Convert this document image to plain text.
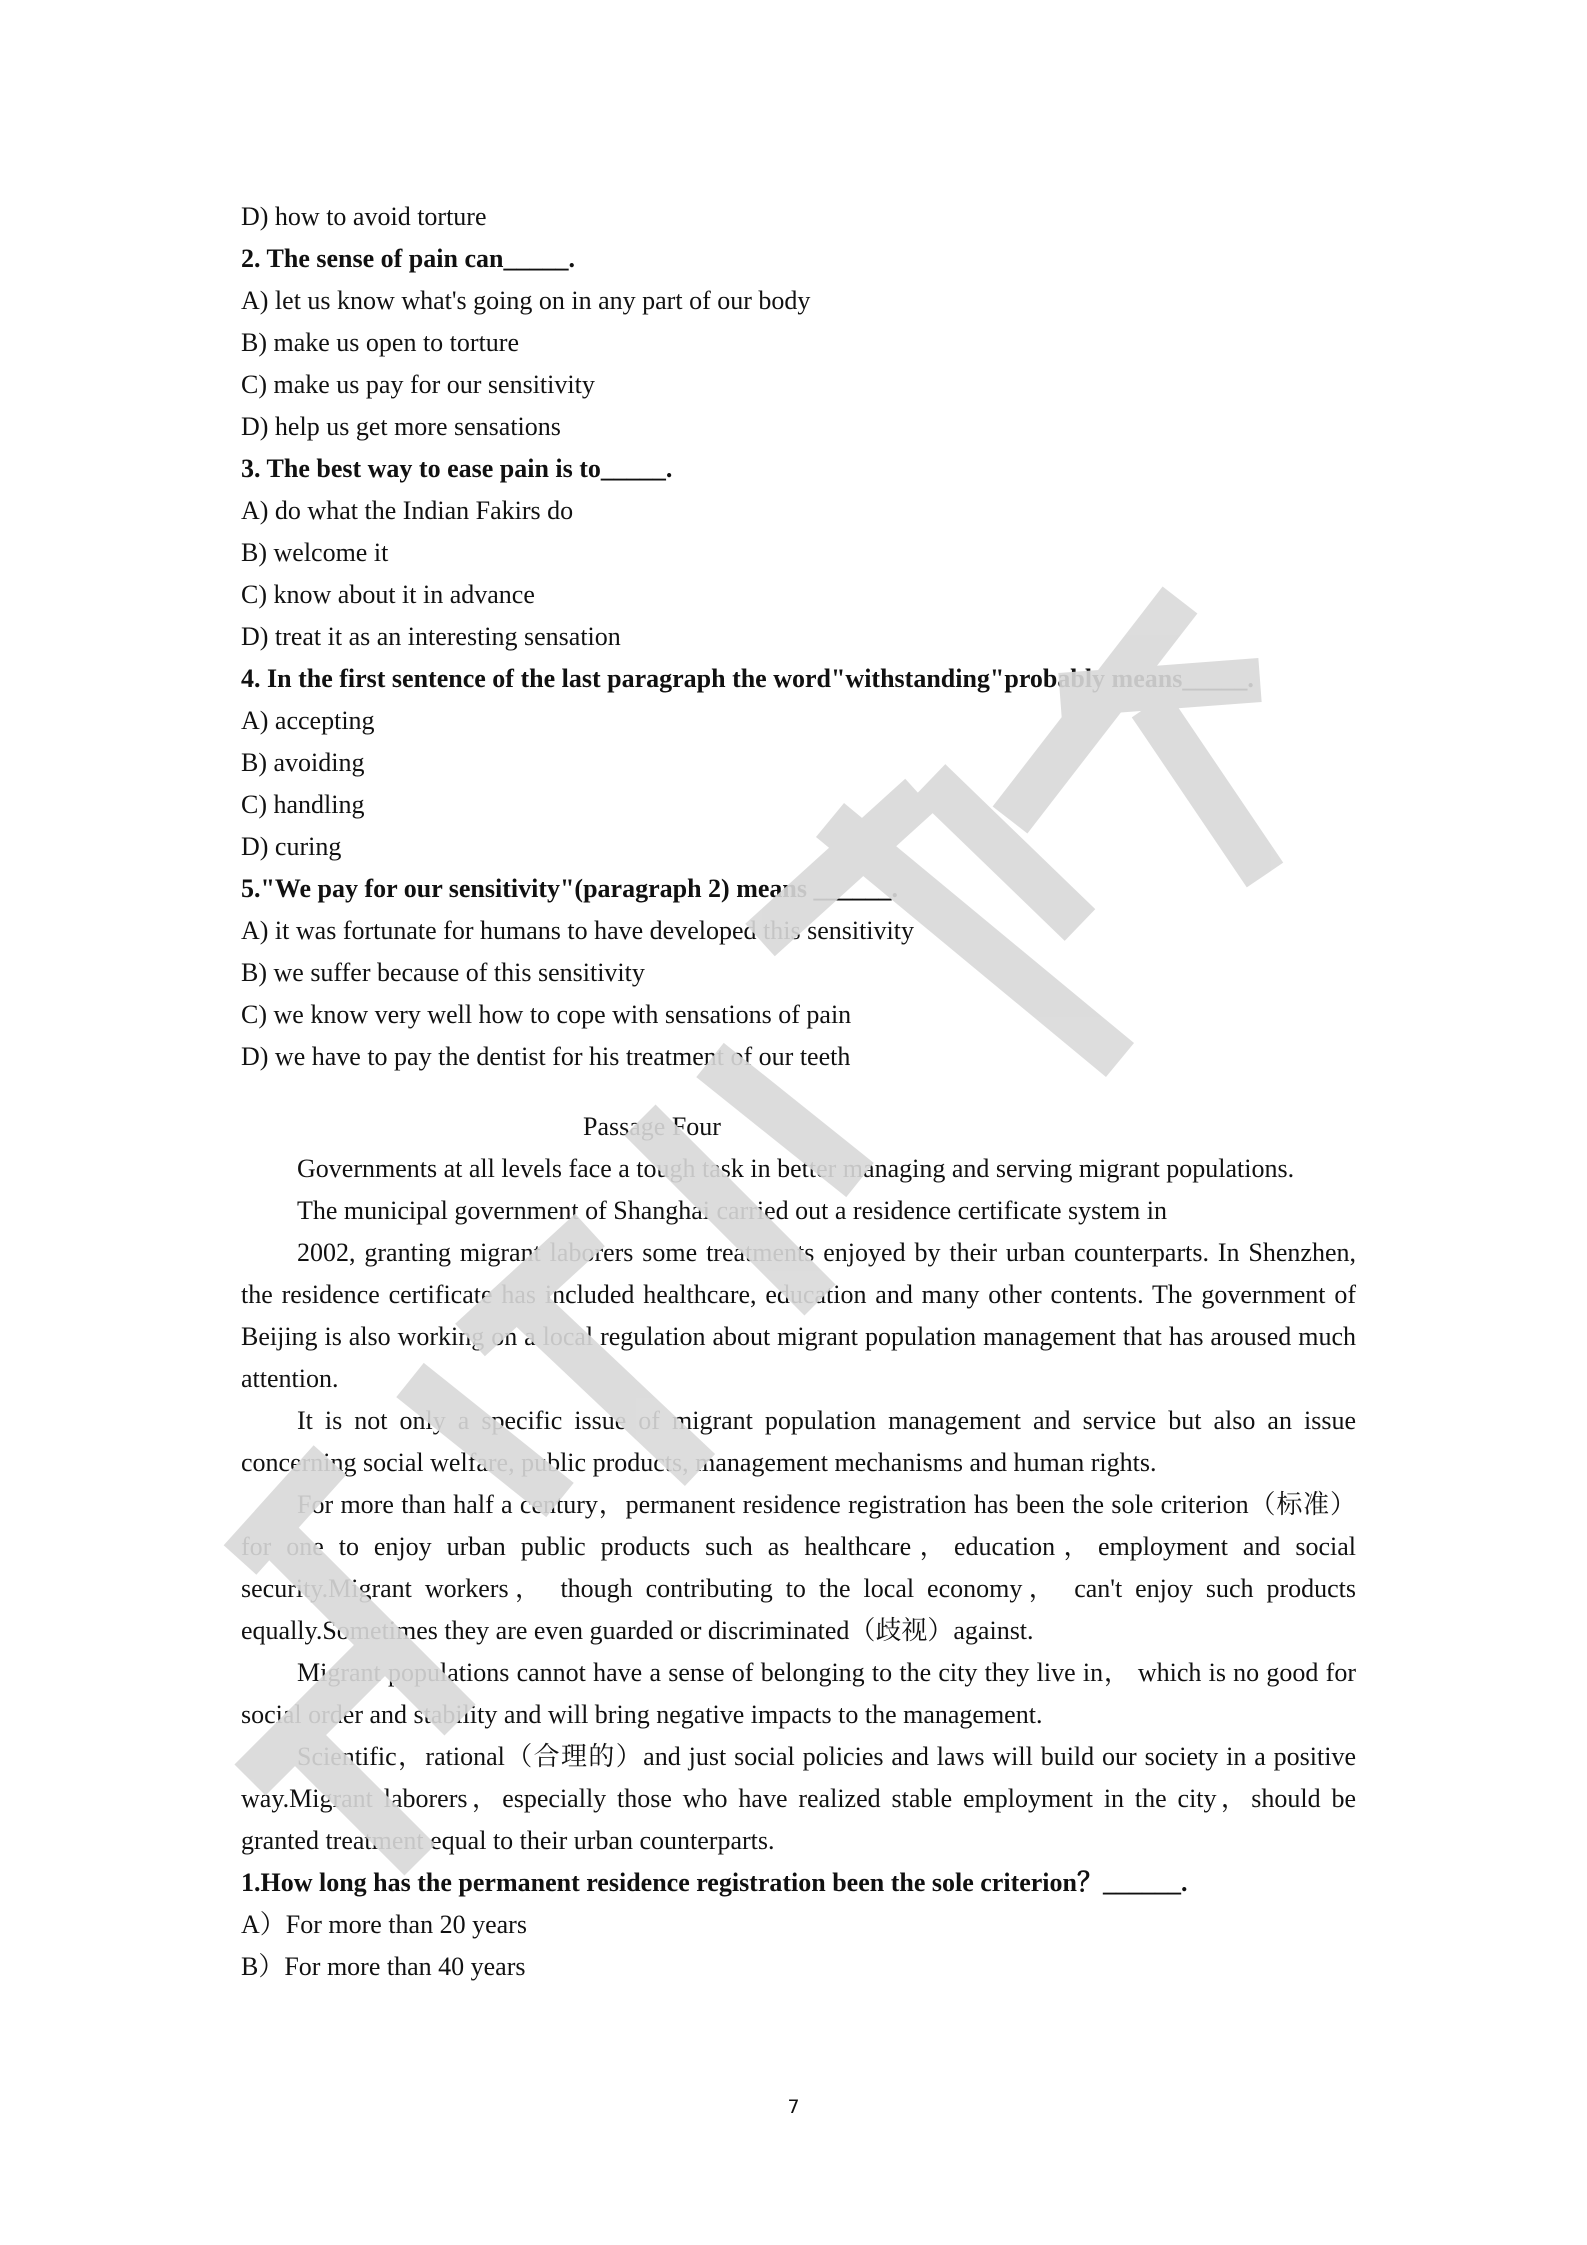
D) how to avoid torture

2. The sense of pain can_____.

A) let us know what's going on in any part of our body

B) make us open to torture

C) make us pay for our sensitivity

D) help us get more sensations

3. The best way to ease pain is to_____.

A) do what the Indian Fakirs do

B) welcome it

C) know about it in advance

D) treat it as an interesting sensation

4. In the first sentence of the last paragraph the word"withstanding"probably means_____.

A) accepting

B) avoiding

C) handling

D) curing

5."We pay for our sensitivity"(paragraph 2) means ______.

A) it was fortunate for humans to have developed this sensitivity

B) we suffer because of this sensitivity

C) we know very well how to cope with sensations of pain

D) we have to pay the dentist for his treatment of our teeth

Passage Four

Governments at all levels face a tough task in better managing and serving migrant populations.

The municipal government of Shanghai carried out a residence certificate system in

2002, granting migrant laborers some treatments enjoyed by their urban counterparts. In Shenzhen, the residence certificate has included healthcare, education and many other contents. The government of Beijing is also working on a local regulation about migrant population management that has aroused much attention.

It is not only a specific issue of migrant population management and service but also an issue concerning social welfare, public products, management mechanisms and human rights.

For more than half a century，permanent residence registration has been the sole criterion（标准）for one to enjoy urban public products such as healthcare，education，employment and social security.Migrant workers， though contributing to the local economy， can't enjoy such products equally.Sometimes they are even guarded or discriminated（歧视）against.

Migrant populations cannot have a sense of belonging to the city they live in， which is no good for social order and stability and will bring negative impacts to the management.

Scientific，rational（合理的）and just social policies and laws will build our society in a positive way.Migrant laborers，especially those who have realized stable employment in the city，should be granted treatment equal to their urban counterparts.

1.How long has the permanent residence registration been the sole criterion？______.

A）For more than 20 years

B）For more than 40 years

7
